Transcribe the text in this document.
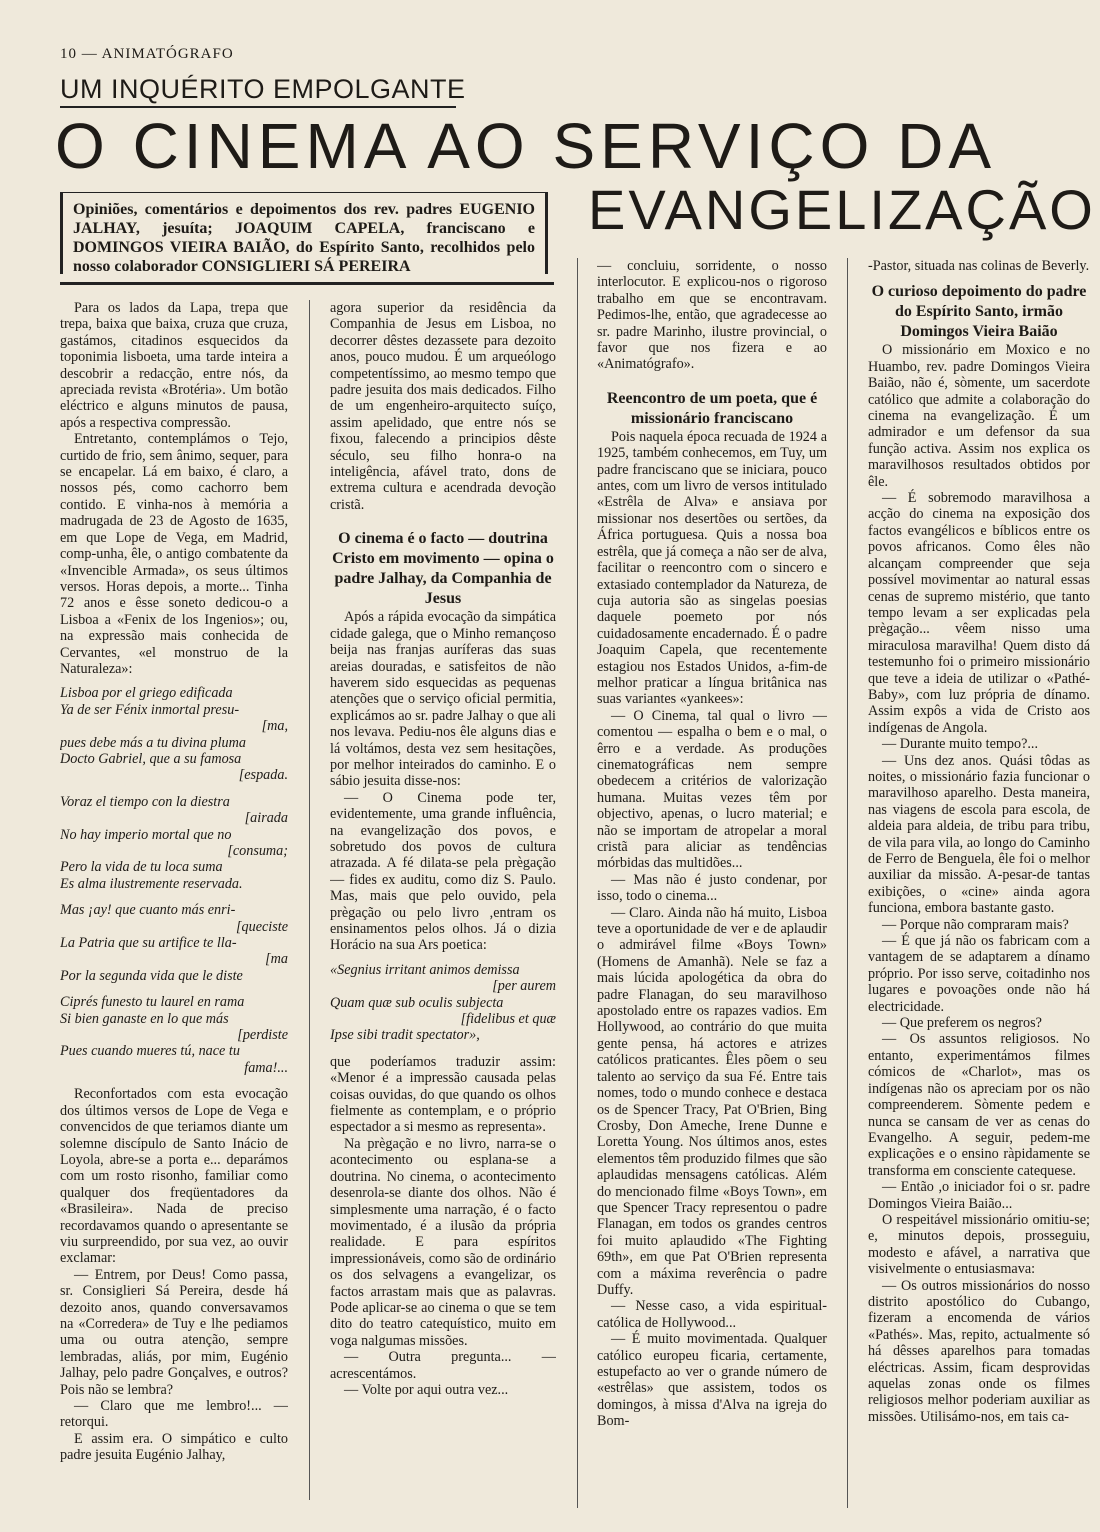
10 — ANIMATÓGRAFO
UM INQUÉRITO EMPOLGANTE
O CINEMA AO SERVIÇO DA
EVANGELIZAÇÃO
Opiniões, comentários e depoimentos dos rev. padres EUGENIO JALHAY, jesuíta; JOAQUIM CAPELA, franciscano e DOMINGOS VIEIRA BAIÃO, do Espírito Santo, recolhidos pelo nosso colaborador CONSIGLIERI SÁ PEREIRA

Para os lados da Lapa, trepa que trepa, baixa que baixa, cruza que cruza, gastámos, citadinos esquecidos da toponimia lisboeta, uma tarde inteira a descobrir a redacção, entre nós, da apreciada revista «Brotéria». Um botão eléctrico e alguns minutos de pausa, após a respectiva compressão.

Entretanto, contemplámos o Tejo, curtido de frio, sem ânimo, sequer, para se encapelar. Lá em baixo, é claro, a nossos pés, como cachorro bem contido. E vinha-nos à memória a madrugada de 23 de Agosto de 1635, em que Lope de Vega, em Madrid, comp-unha, êle, o antigo combatente da «Invencible Armada», os seus últimos versos. Horas depois, a morte... Tinha 72 anos e êsse soneto dedicou-o a Lisboa a «Fenix de los Ingenios»; ou, na expressão mais conhecida de Cervantes, «el monstruo de la Naturaleza»:

Lisboa por el griego edificada
Ya de ser Fénix inmortal presu-
[ma,
pues debe más a tu divina pluma
Docto Gabriel, que a su famosa
[espada.
Voraz el tiempo con la diestra
[airada
No hay imperio mortal que no
[consuma;
Pero la vida de tu loca suma
Es alma ilustremente reservada.
Mas ¡ay! que cuanto más enri-
[queciste
La Patria que su artifice te lla-
[ma
Por la segunda vida que le diste
Ciprés funesto tu laurel en rama
Si bien ganaste en lo que más
[perdiste
Pues cuando mueres tú, nace tu
fama!...

Reconfortados com esta evocação dos últimos versos de Lope de Vega e convencidos de que teriamos diante um solemne discípulo de Santo Inácio de Loyola, abre-se a porta e... deparámos com um rosto risonho, familiar como qualquer dos freqüentadores da «Brasileira». Nada de preciso recordavamos quando o apresentante se viu surpreendido, por sua vez, ao ouvir exclamar:

— Entrem, por Deus! Como passa, sr. Consiglieri Sá Pereira, desde há dezoito anos, quando conversavamos na «Corredera» de Tuy e lhe pediamos uma ou outra atenção, sempre lembradas, aliás, por mim, Eugénio Jalhay, pelo padre Gonçalves, e outros? Pois não se lembra?

— Claro que me lembro!... — retorqui.

E assim era. O simpático e culto padre jesuita Eugénio Jalhay,

agora superior da residência da Companhia de Jesus em Lisboa, no decorrer dêstes dezassete para dezoito anos, pouco mudou. É um arqueólogo competentíssimo, ao mesmo tempo que padre jesuita dos mais dedicados. Filho de um engenheiro-arquitecto suíço, assim apelidado, que entre nós se fixou, falecendo a principios dêste século, seu filho honra-o na inteligência, afável trato, dons de extrema cultura e acendrada devoção cristã.

O cinema é o facto — doutrina Cristo em movimento — opina o padre Jalhay, da Companhia de Jesus

Após a rápida evocação da simpática cidade galega, que o Minho remançoso beija nas franjas auríferas das suas areias douradas, e satisfeitos de não haverem sido esquecidas as pequenas atenções que o serviço oficial permitia, explicámos ao sr. padre Jalhay o que ali nos levava. Pediu-nos êle alguns dias e lá voltámos, desta vez sem hesitações, por melhor inteirados do caminho. E o sábio jesuita disse-nos:

— O Cinema pode ter, evidentemente, uma grande influência, na evangelização dos povos, e sobretudo dos povos de cultura atrazada. A fé dilata-se pela prègação — fides ex auditu, como diz S. Paulo. Mas, mais que pelo ouvido, pela prègação ou pelo livro ,entram os ensinamentos pelos olhos. Já o dizia Horácio na sua Ars poetica:

«Segnius irritant animos demissa
[per aurem
Quam quæ sub oculis subjecta
[fidelibus et quæ
Ipse sibi tradit spectator»,

que poderíamos traduzir assim: «Menor é a impressão causada pelas coisas ouvidas, do que quando os olhos fielmente as contemplam, e o próprio espectador a si mesmo as representa».

Na prègação e no livro, narra-se o acontecimento ou esplana-se a doutrina. No cinema, o acontecimento desenrola-se diante dos olhos. Não é simplesmente uma narração, é o facto movimentado, é a ilusão da própria realidade. E para espíritos impressionáveis, como são de ordinário os dos selvagens a evangelizar, os factos arrastam mais que as palavras. Pode aplicar-se ao cinema o que se tem dito do teatro catequístico, muito em voga nalgumas missões.

— Outra pregunta... — acrescentámos.

— Volte por aqui outra vez...

— concluiu, sorridente, o nosso interlocutor. E explicou-nos o rigoroso trabalho em que se encontravam. Pedimos-lhe, então, que agradecesse ao sr. padre Marinho, ilustre provincial, o favor que nos fizera e ao «Animatógrafo».

Reencontro de um poeta, que é missionário franciscano

Pois naquela época recuada de 1924 a 1925, também conhecemos, em Tuy, um padre franciscano que se iniciara, pouco antes, com um livro de versos intitulado «Estrêla de Alva» e ansiava por missionar nos desertões ou sertões, da África portuguesa. Quis a nossa boa estrêla, que já começa a não ser de alva, facilitar o reencontro com o sincero e extasiado contemplador da Natureza, de cuja autoria são as singelas poesias daquele poemeto por nós cuidadosamente encadernado. É o padre Joaquim Capela, que recentemente estagiou nos Estados Unidos, a-fim-de melhor praticar a língua britânica nas suas variantes «yankees»:

— O Cinema, tal qual o livro — comentou — espalha o bem e o mal, o êrro e a verdade. As produções cinematográficas nem sempre obedecem a critérios de valorização humana. Muitas vezes têm por objectivo, apenas, o lucro material; e não se importam de atropelar a moral cristã para aliciar as tendências mórbidas das multidões...

— Mas não é justo condenar, por isso, todo o cinema...

— Claro. Ainda não há muito, Lisboa teve a oportunidade de ver e de aplaudir o admirável filme «Boys Town» (Homens de Amanhã). Nele se faz a mais lúcida apologética da obra do padre Flanagan, do seu maravilhoso apostolado entre os rapazes vadios. Em Hollywood, ao contrário do que muita gente pensa, há actores e atrizes católicos praticantes. Êles põem o seu talento ao serviço da sua Fé. Entre tais nomes, todo o mundo conhece e destaca os de Spencer Tracy, Pat O'Brien, Bing Crosby, Don Ameche, Irene Dunne e Loretta Young. Nos últimos anos, estes elementos têm produzido filmes que são aplaudidas mensagens católicas. Além do mencionado filme «Boys Town», em que Spencer Tracy representou o padre Flanagan, em todos os grandes centros foi muito aplaudido «The Fighting 69th», em que Pat O'Brien representa com a máxima reverência o padre Duffy.

— Nesse caso, a vida espiritual-católica de Hollywood...

— É muito movimentada. Qualquer católico europeu ficaria, certamente, estupefacto ao ver o grande número de «estrêlas» que assistem, todos os domingos, à missa d'Alva na igreja do Bom-

-Pastor, situada nas colinas de Beverly.

O curioso depoimento do padre do Espírito Santo, irmão Domingos Vieira Baião

O missionário em Moxico e no Huambo, rev. padre Domingos Vieira Baião, não é, sòmente, um sacerdote católico que admite a colaboração do cinema na evangelização. É um admirador e um defensor da sua função activa. Assim nos explica os maravilhosos resultados obtidos por êle.

— É sobremodo maravilhosa a acção do cinema na exposição dos factos evangélicos e bíblicos entre os povos africanos. Como êles não alcançam compreender que seja possível movimentar ao natural essas cenas de supremo mistério, que tanto tempo levam a ser explicadas pela prègação... vêem nisso uma miraculosa maravilha! Quem disto dá testemunho foi o primeiro missionário que teve a ideia de utilizar o «Pathé-Baby», com luz própria de dínamo. Assim expôs a vida de Cristo aos indígenas de Angola.

— Durante muito tempo?...

— Uns dez anos. Quási tôdas as noites, o missionário fazia funcionar o maravilhoso aparelho. Desta maneira, nas viagens de escola para escola, de aldeia para aldeia, de tribu para tribu, de vila para vila, ao longo do Caminho de Ferro de Benguela, êle foi o melhor auxiliar da missão. A-pesar-de tantas exibições, o «cine» ainda agora funciona, embora bastante gasto.

— Porque não compraram mais?

— É que já não os fabricam com a vantagem de se adaptarem a dínamo próprio. Por isso serve, coitadinho nos lugares e povoações onde não há electricidade.

— Que preferem os negros?

— Os assuntos religiosos. No entanto, experimentámos filmes cómicos de «Charlot», mas os indígenas não os apreciam por os não compreenderem. Sòmente pedem e nunca se cansam de ver as cenas do Evangelho. A seguir, pedem-me explicações e o ensino ràpidamente se transforma em consciente catequese.

— Então ,o iniciador foi o sr. padre Domingos Vieira Baião...

O respeitável missionário omitiu-se; e, minutos depois, prosseguiu, modesto e afável, a narrativa que visivelmente o entusiasmava:

— Os outros missionários do nosso distrito apostólico do Cubango, fizeram a encomenda de vários «Pathés». Mas, repito, actualmente só há dêsses aparelhos para tomadas eléctricas. Assim, ficam desprovidas aquelas zonas onde os filmes religiosos melhor poderiam auxiliar as missões. Utilisámo-nos, em tais ca-
